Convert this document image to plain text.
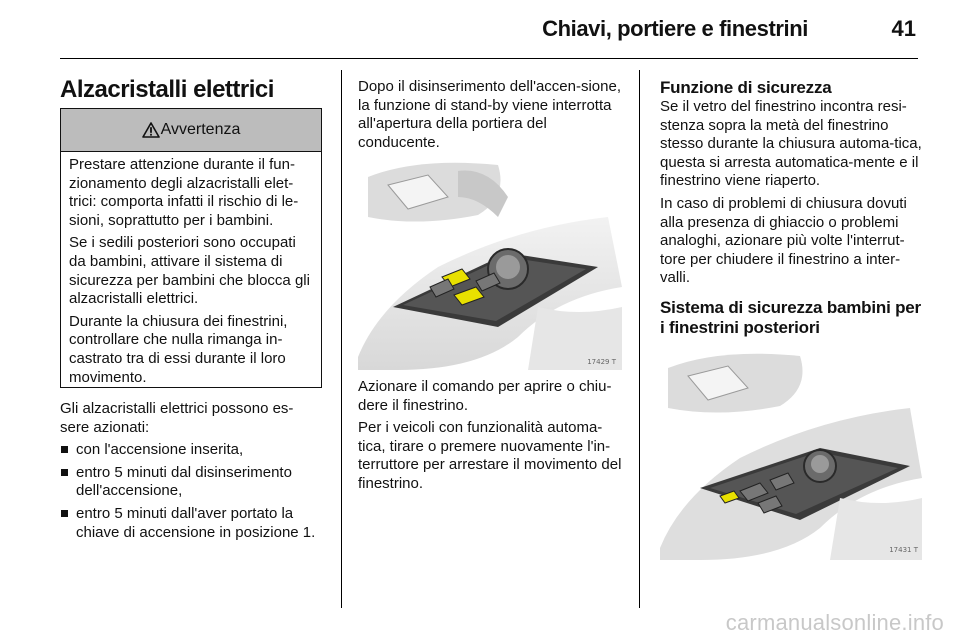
Chiavi, portiere e finestrini	41
Alzacristalli elettrici
Avvertenza

Prestare attenzione durante il fun-zionamento degli alzacristalli elet-trici: comporta infatti il rischio di le-sioni, soprattutto per i bambini.

Se i sedili posteriori sono occupati da bambini, attivare il sistema di sicurezza per bambini che blocca gli alzacristalli elettrici.

Durante la chiusura dei finestrini, controllare che nulla rimanga in-castrato tra di essi durante il loro movimento.

Gli alzacristalli elettrici possono es-sere azionati:

con l'accensione inserita,
entro 5 minuti dal disinserimento dell'accensione,
entro 5 minuti dall'aver portato la chiave di accensione in posizione 1.
Dopo il disinserimento dell'accen-sione, la funzione di stand-by viene interrotta all'apertura della portiera del conducente.
17429 T

Azionare il comando per aprire o chiu-dere il finestrino.

Per i veicoli con funzionalità automa-tica, tirare o premere nuovamente l'in-terruttore per arrestare il movimento del finestrino.

Funzione di sicurezza

Se il vetro del finestrino incontra resi-stenza sopra la metà del finestrino stesso durante la chiusura automa-tica, questa si arresta automatica-mente e il finestrino viene riaperto.

In caso di problemi di chiusura dovuti alla presenza di ghiaccio o problemi analoghi, azionare più volte l'interrut-tore per chiudere il finestrino a inter-valli.

Sistema di sicurezza bambini per i finestrini posteriori
17431 T
carmanualsonline.info
